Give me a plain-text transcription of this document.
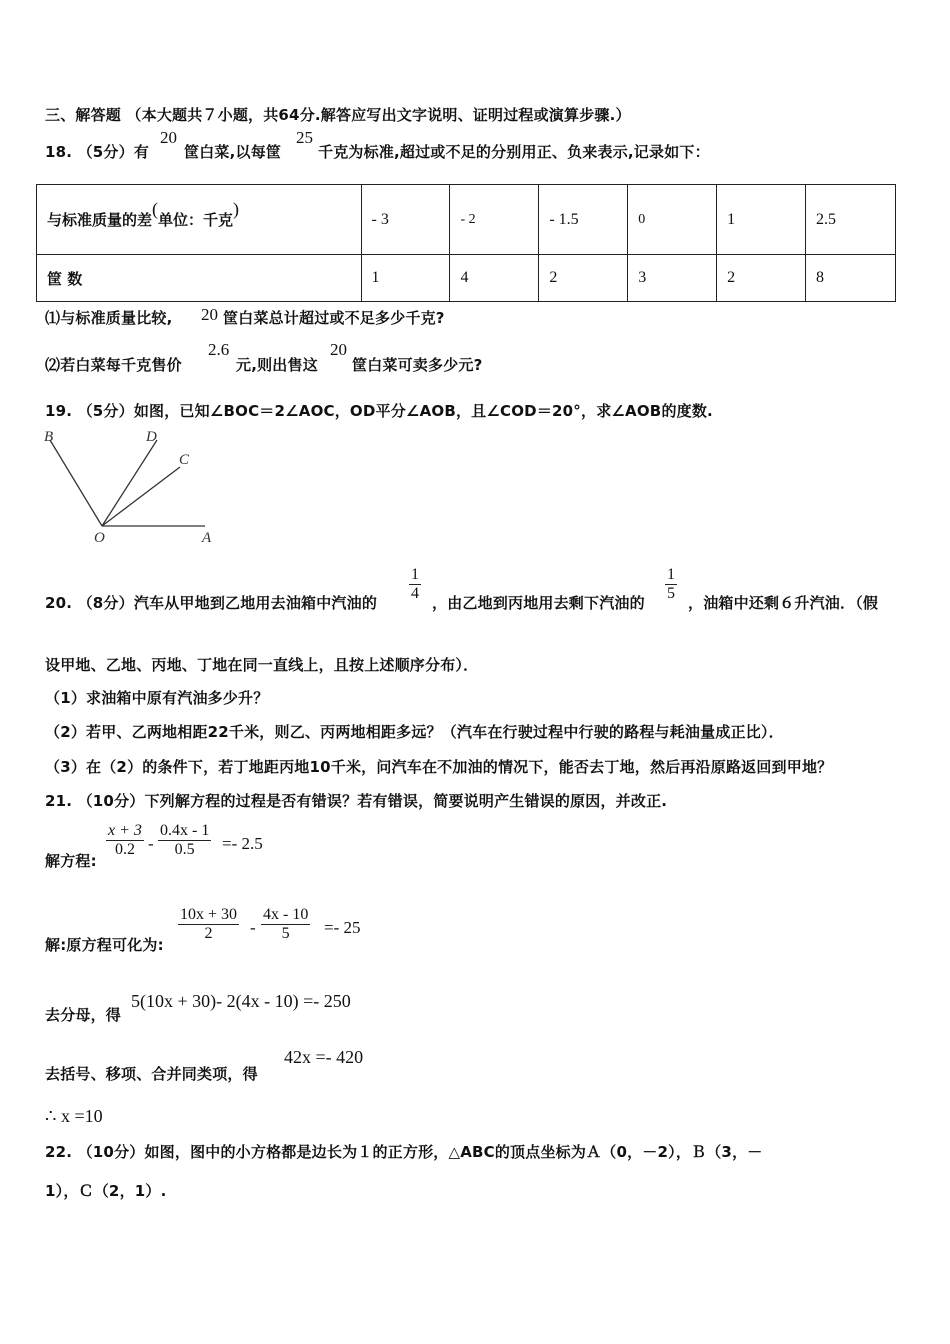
三、解答题 （本大题共７小题，共64分.解答应写出文字说明、证明过程或演算步骤.）
18. （5分）有
20
筐白菜,以每筐
25
千克为标准,超过或不足的分别用正、负来表示,记录如下：
与标准质量的差(单位：千克)	- 3	- 2	- 1.5	0	1	2.5
筐 数	1	4	2	3	2	8
⑴与标准质量比较, 20 筐白菜总计超过或不足多少千克?
⑵若白菜每千克售价
2.6
元,则出售这
20
筐白菜可卖多少元?
19. （5分）如图，已知∠BOC＝2∠AOC，OD平分∠AOB，且∠COD＝20°，求∠AOB的度数.
B	D
C
O	A
20. （8分）汽车从甲地到乙地用去油箱中汽油的 $\frac{1}{4}$ ，由乙地到丙地用去剩下汽油的 $\frac{1}{5}$ ，油箱中还剩６升汽油．（假
设甲地、乙地、丙地、丁地在同一直线上，且按上述顺序分布）．
（1）求油箱中原有汽油多少升？
（2）若甲、乙两地相距22千米，则乙、丙两地相距多远？（汽车在行驶过程中行驶的路程与耗油量成正比）．
（3）在（2）的条件下，若丁地距丙地10千米，问汽车在不加油的情况下，能否去丁地，然后再沿原路返回到甲地？
21. （10分）下列解方程的过程是否有错误？若有错误，简要说明产生错误的原因，并改正.
解方程:
$\frac{x + 3}{0.2} - \frac{0.4x - 1}{0.5} =- 2.5$
解:原方程可化为:
$\frac{10x + 30}{2} - \frac{4x - 10}{5} =- 25$
去分母，得
5(10x + 30)- 2(4x - 10) =- 250
去括号、移项、合并同类项，得
42x =- 420
∴ x =10
22. （10分）如图，图中的小方格都是边长为１的正方形，△ABC的顶点坐标为Ａ（0，－2），Ｂ（3，－
1），Ｃ（2，1）.
